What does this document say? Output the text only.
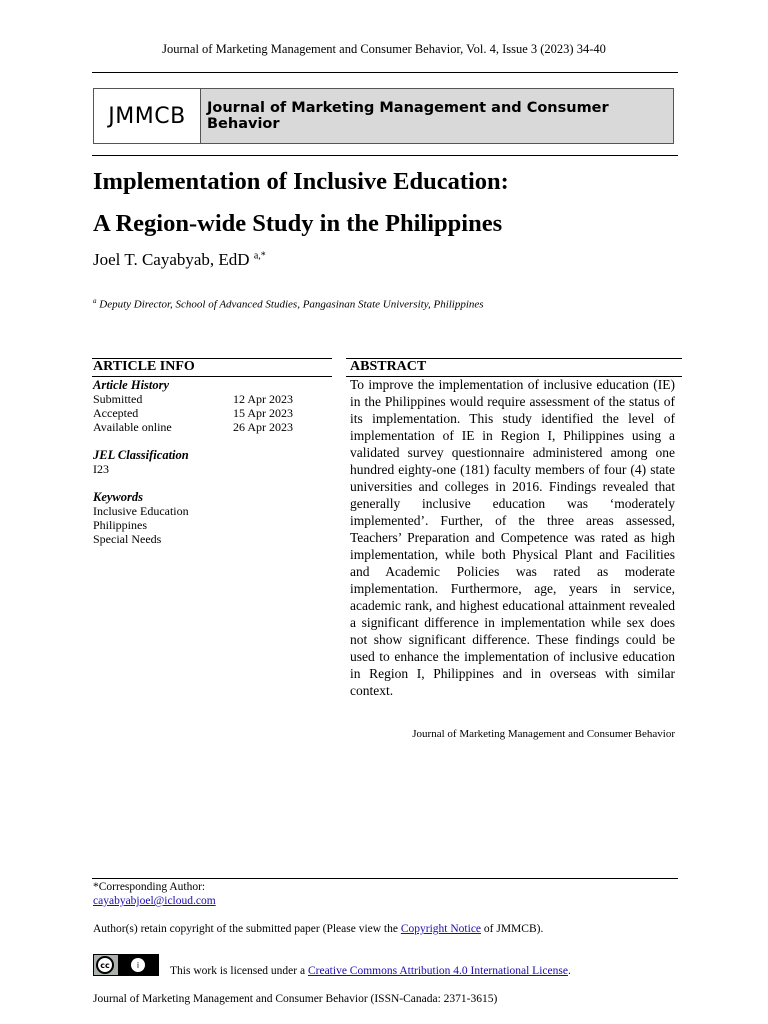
Journal of Marketing Management and Consumer Behavior, Vol. 4, Issue 3 (2023) 34-40
JMMCB	Journal of Marketing Management and Consumer Behavior
Implementation of Inclusive Education:
A Region-wide Study in the Philippines
Joel T. Cayabyab, EdD $^{a,*}$
$^a$ Deputy Director, School of Advanced Studies, Pangasinan State University, Philippines
ARTICLE INFO	ABSTRACT
Article History
Submitted	12 Apr 2023
Accepted	15 Apr 2023
Available online	26 Apr 2023
JEL Classification
I23
Keywords
Inclusive Education
Philippines
Special Needs
To improve the implementation of inclusive education (IE) in the Philippines would require assessment of the status of its implementation. This study identified the level of implementation of IE in Region I, Philippines using a validated survey questionnaire administered among one hundred eighty-one (181) faculty members of four (4) state universities and colleges in 2016. Findings revealed that generally inclusive education was ‘moderately implemented’. Further, of the three areas assessed, Teachers’ Preparation and Competence was rated as high implementation, while both Physical Plant and Facilities and Academic Policies was rated as moderate implementation. Furthermore, age, years in service, academic rank, and highest educational attainment revealed a significant difference in implementation while sex does not show significant difference. These findings could be used to enhance the implementation of inclusive education in Region I, Philippines and in overseas with similar context.
Journal of Marketing Management and Consumer Behavior
*Corresponding Author:
cayabyabjoel@icloud.com
Author(s) retain copyright of the submitted paper (Please view the Copyright Notice of JMMCB).
cc	i	This work is licensed under a Creative Commons Attribution 4.0 International License.
Journal of Marketing Management and Consumer Behavior (ISSN-Canada: 2371-3615)
